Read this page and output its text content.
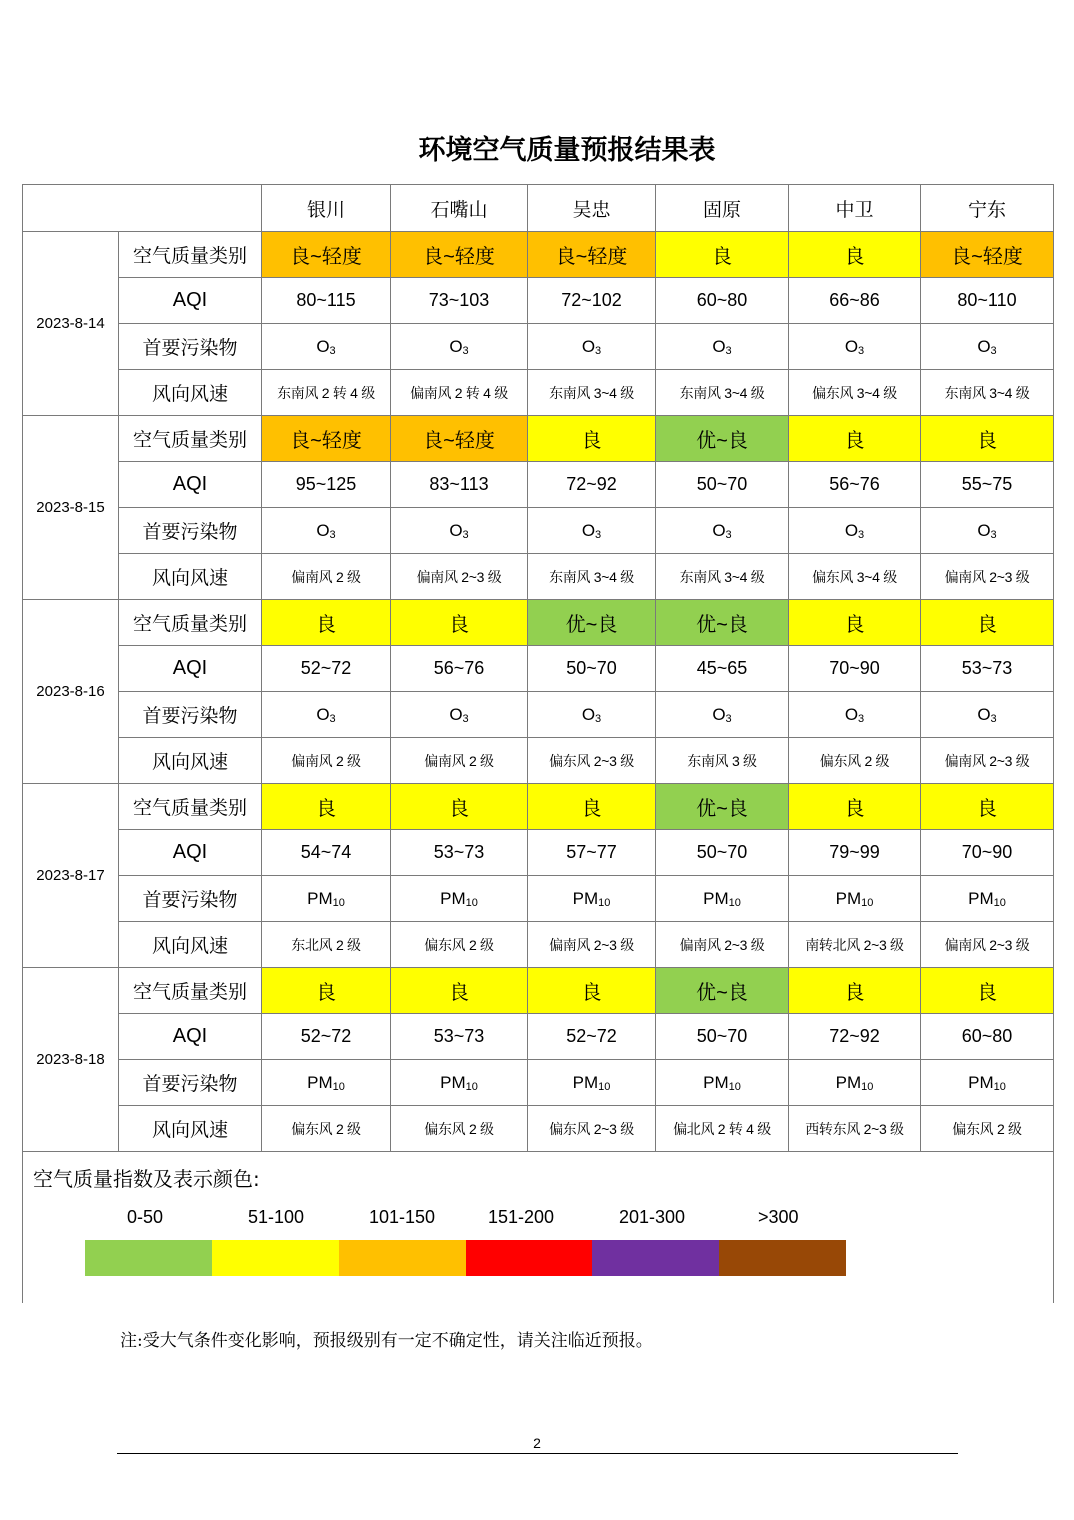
环境空气质量预报结果表
		银川	石嘴山	吴忠	固原	中卫	宁东
2023-8-14	空气质量类别	良~轻度	良~轻度	良~轻度	良	良	良~轻度
	AQI	80~115	73~103	72~102	60~80	66~86	80~110
	首要污染物	$O_3$	$O_3$	$O_3$	$O_3$	$O_3$	$O_3$
	风向风速	东南风 2 转 4 级	偏南风 2 转 4 级	东南风 3~4 级	东南风 3~4 级	偏东风 3~4 级	东南风 3~4 级
2023-8-15	空气质量类别	良~轻度	良~轻度	良	优~良	良	良
	AQI	95~125	83~113	72~92	50~70	56~76	55~75
	首要污染物	$O_3$	$O_3$	$O_3$	$O_3$	$O_3$	$O_3$
	风向风速	偏南风 2 级	偏南风 2~3 级	东南风 3~4 级	东南风 3~4 级	偏东风 3~4 级	偏南风 2~3 级
2023-8-16	空气质量类别	良	良	优~良	优~良	良	良
	AQI	52~72	56~76	50~70	45~65	70~90	53~73
	首要污染物	$O_3$	$O_3$	$O_3$	$O_3$	$O_3$	$O_3$
	风向风速	偏南风 2 级	偏南风 2 级	偏东风 2~3 级	东南风 3 级	偏东风 2 级	偏南风 2~3 级
2023-8-17	空气质量类别	良	良	良	优~良	良	良
	AQI	54~74	53~73	57~77	50~70	79~99	70~90
	首要污染物	$PM_{10}$	$PM_{10}$	$PM_{10}$	$PM_{10}$	$PM_{10}$	$PM_{10}$
	风向风速	东北风 2 级	偏东风 2 级	偏南风 2~3 级	偏南风 2~3 级	南转北风 2~3 级	偏南风 2~3 级
2023-8-18	空气质量类别	良	良	良	优~良	良	良
	AQI	52~72	53~73	52~72	50~70	72~92	60~80
	首要污染物	$PM_{10}$	$PM_{10}$	$PM_{10}$	$PM_{10}$	$PM_{10}$	$PM_{10}$
	风向风速	偏东风 2 级	偏东风 2 级	偏东风 2~3 级	偏北风 2 转 4 级	西转东风 2~3 级	偏东风 2 级
空气质量指数及表示颜色:
0-50	51-100	101-150	151-200	201-300	>300
注:受大气条件变化影响，预报级别有一定不确定性，请关注临近预报。
2
